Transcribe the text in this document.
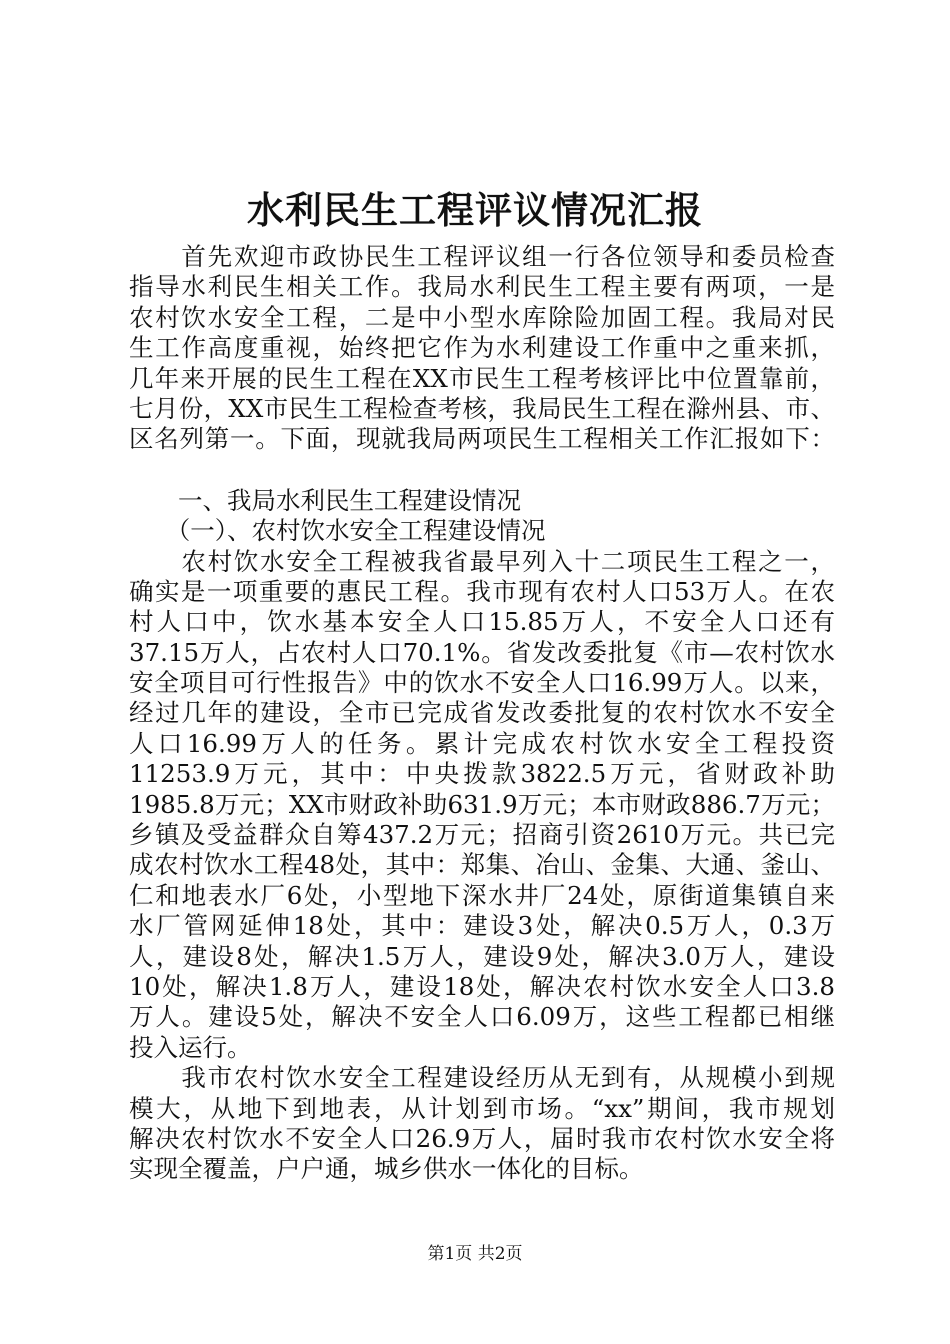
水利民生工程评议情况汇报
　　首先欢迎市政协民生工程评议组一行各位领导和委员检查
指导水利民生相关工作。我局水利民生工程主要有两项，一是
农村饮水安全工程，二是中小型水库除险加固工程。我局对民
生工作高度重视，始终把它作为水利建设工作重中之重来抓，
几年来开展的民生工程在XX市民生工程考核评比中位置靠前，
七月份，XX市民生工程检查考核，我局民生工程在滁州县、市、
区名列第一。下面，现就我局两项民生工程相关工作汇报如下：
　　一、我局水利民生工程建设情况
　　（一）、农村饮水安全工程建设情况
　　农村饮水安全工程被我省最早列入十二项民生工程之一，
确实是一项重要的惠民工程。我市现有农村人口53万人。在农
村人口中，饮水基本安全人口15.85万人，不安全人口还有
37.15万人，占农村人口70.1%。省发改委批复《市—农村饮水
安全项目可行性报告》中的饮水不安全人口16.99万人。以来，
经过几年的建设，全市已完成省发改委批复的农村饮水不安全
人口16.99万人的任务。累计完成农村饮水安全工程投资
11253.9万元，其中：中央拨款3822.5万元，省财政补助
1985.8万元；XX市财政补助631.9万元；本市财政886.7万元；
乡镇及受益群众自筹437.2万元；招商引资2610万元。共已完
成农村饮水工程48处，其中：郑集、冶山、金集、大通、釜山、
仁和地表水厂6处，小型地下深水井厂24处，原街道集镇自来
水厂管网延伸18处，其中：建设3处，解决0.5万人，0.3万
人，建设8处，解决1.5万人，建设9处，解决3.0万人，建设
10处，解决1.8万人，建设18处，解决农村饮水安全人口3.8
万人。建设5处，解决不安全人口6.09万，这些工程都已相继
投入运行。
　　我市农村饮水安全工程建设经历从无到有，从规模小到规
模大，从地下到地表，从计划到市场。“xx”期间，我市规划
解决农村饮水不安全人口26.9万人，届时我市农村饮水安全将
实现全覆盖，户户通，城乡供水一体化的目标。
第1页 共2页
